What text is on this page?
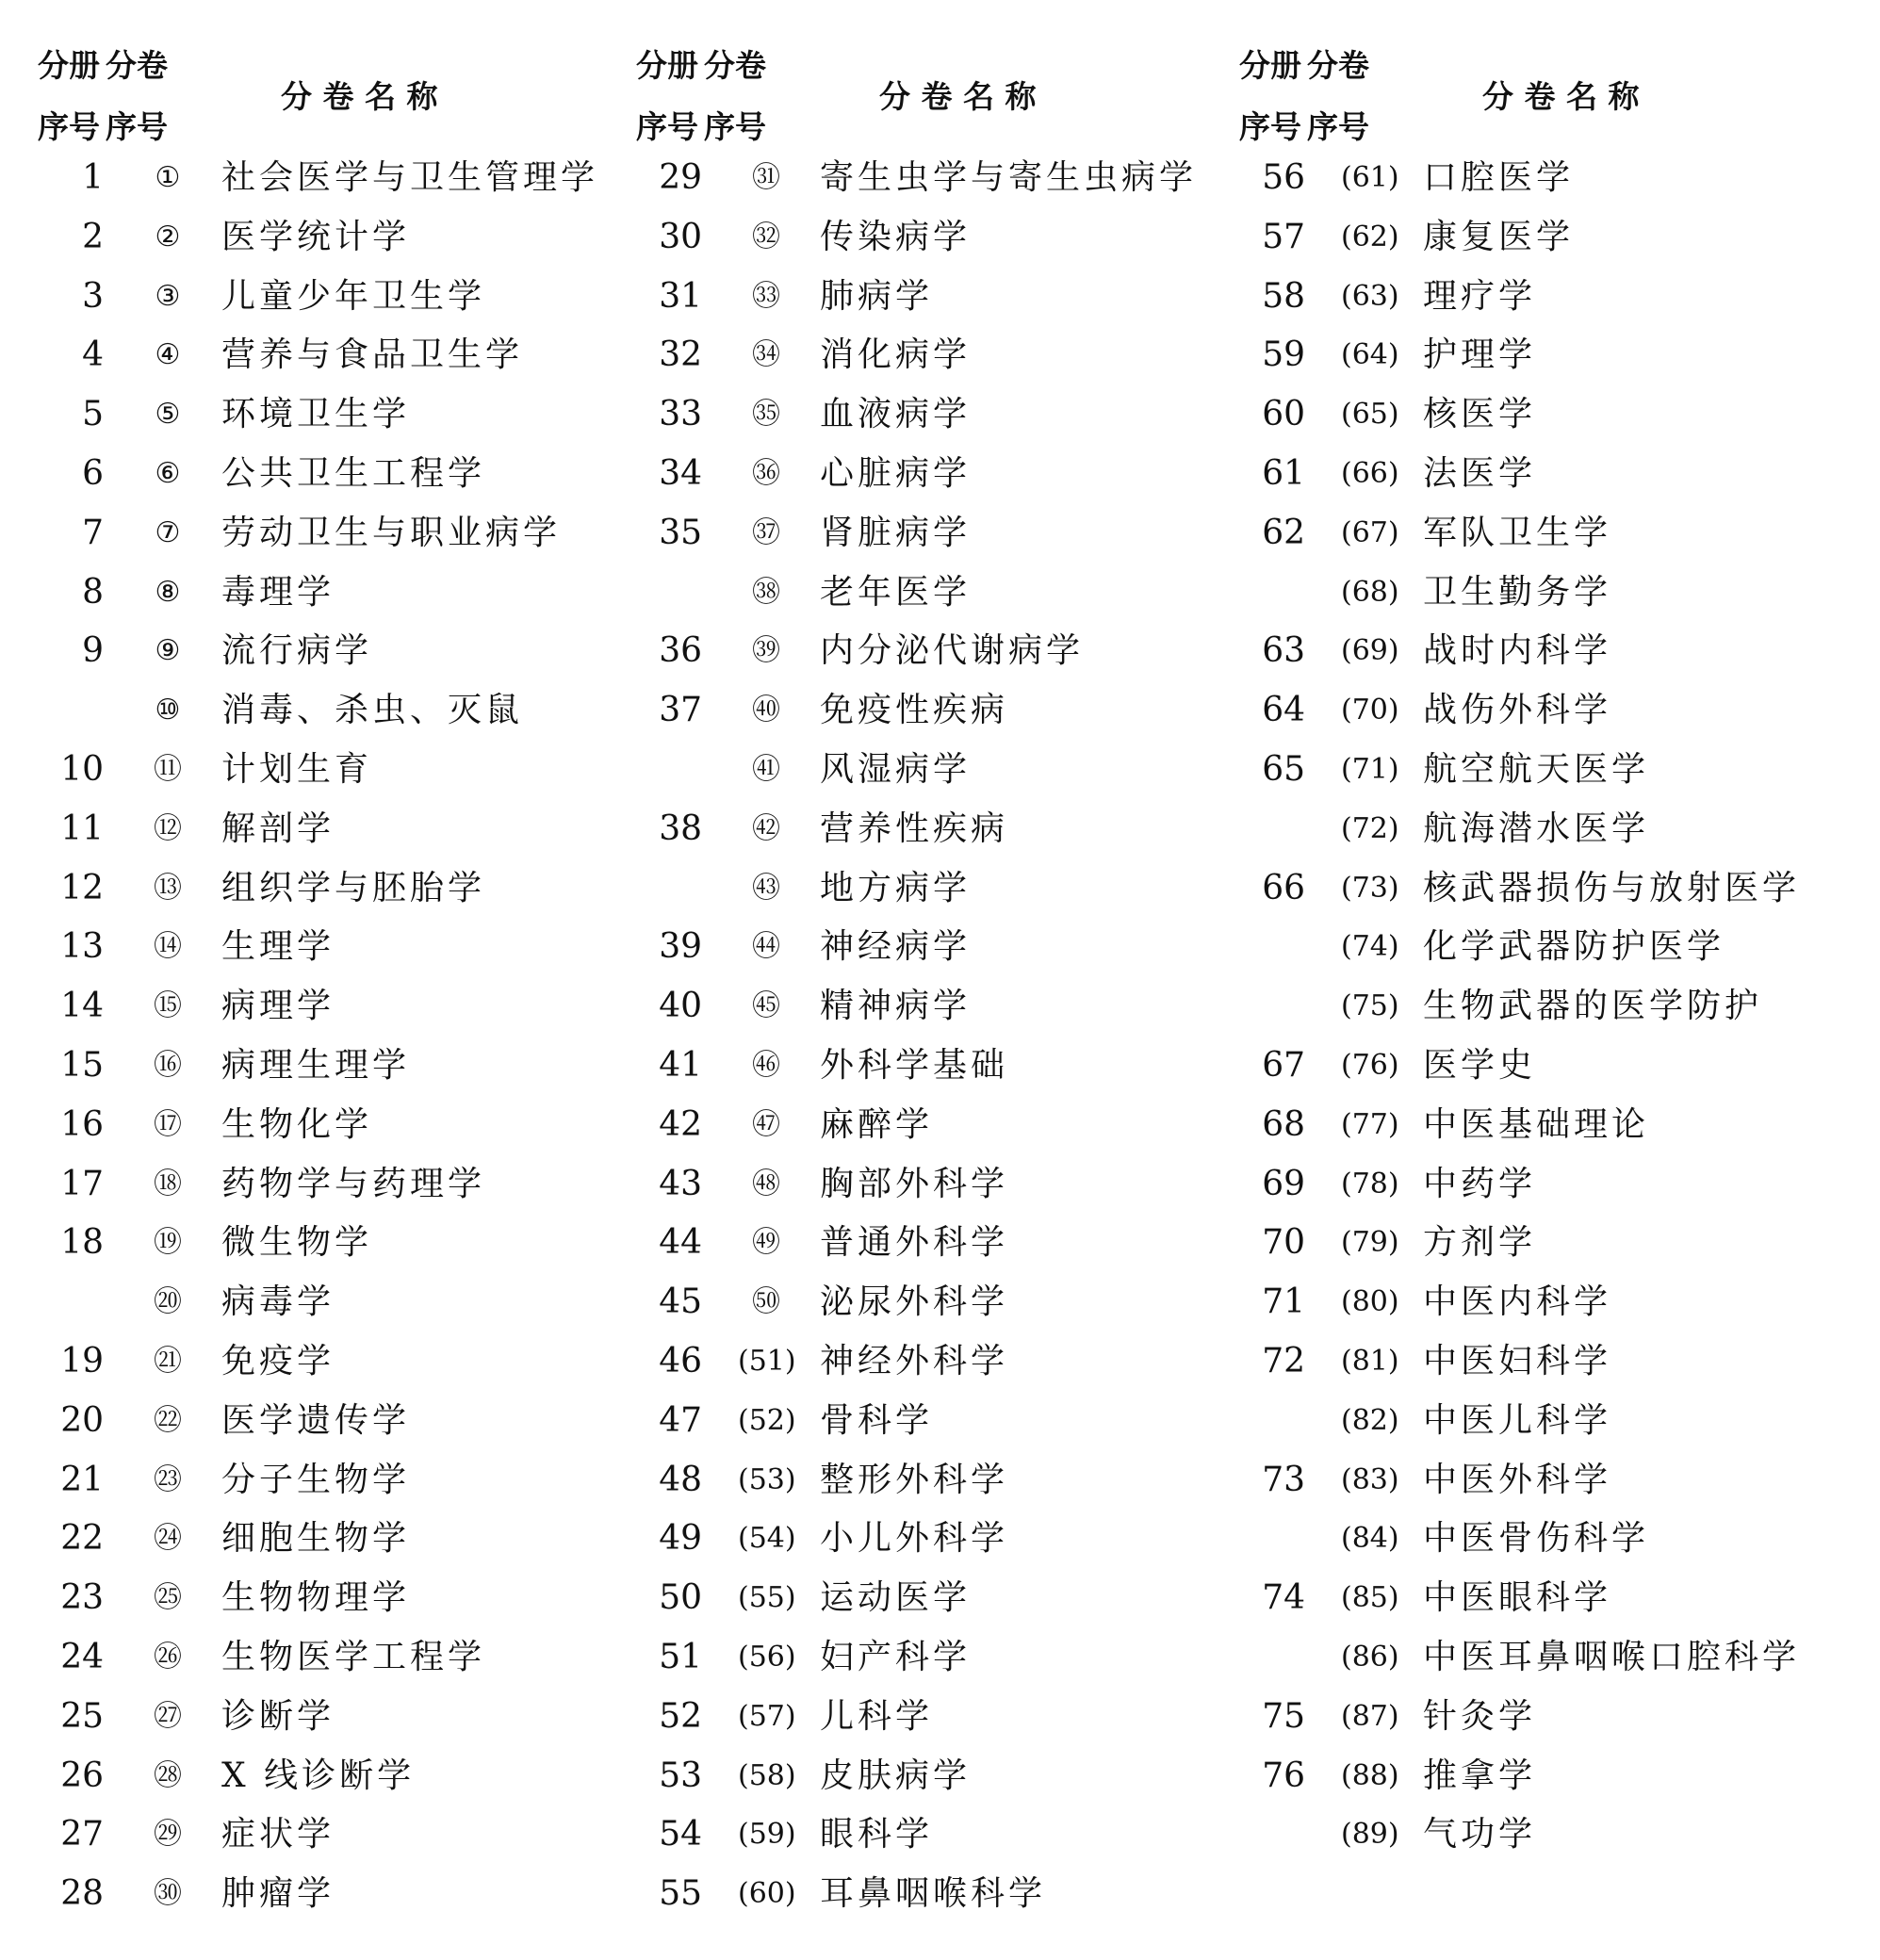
分册
序号
分卷
序号
分 卷 名 称
1	①	社会医学与卫生管理学
2	②	医学统计学
3	③	儿童少年卫生学
4	④	营养与食品卫生学
5	⑤	环境卫生学
6	⑥	公共卫生工程学
7	⑦	劳动卫生与职业病学
8	⑧	毒理学
9	⑨	流行病学
⑩	消毒、杀虫、灭鼠
10	⑪	计划生育
11	⑫	解剖学
12	⑬	组织学与胚胎学
13	⑭	生理学
14	⑮	病理学
15	⑯	病理生理学
16	⑰	生物化学
17	⑱	药物学与药理学
18	⑲	微生物学
⑳	病毒学
19	㉑	免疫学
20	㉒	医学遗传学
21	㉓	分子生物学
22	㉔	细胞生物学
23	㉕	生物物理学
24	㉖	生物医学工程学
25	㉗	诊断学
26	㉘	X 线诊断学
27	㉙	症状学
28	㉚	肿瘤学
分册
序号
分卷
序号
分 卷 名 称
29	㉛	寄生虫学与寄生虫病学
30	㉜	传染病学
31	㉝	肺病学
32	㉞	消化病学
33	㉟	血液病学
34	㊱	心脏病学
35	㊲	肾脏病学
㊳	老年医学
36	㊴	内分泌代谢病学
37	㊵	免疫性疾病
㊶	风湿病学
38	㊷	营养性疾病
㊸	地方病学
39	㊹	神经病学
40	㊺	精神病学
41	㊻	外科学基础
42	㊼	麻醉学
43	㊽	胸部外科学
44	㊾	普通外科学
45	㊿	泌尿外科学
46 (51) 神经外科学
47 (52) 骨科学
48 (53) 整形外科学
49 (54) 小儿外科学
50 (55) 运动医学
51 (56) 妇产科学
52 (57) 儿科学
53 (58) 皮肤病学
54 (59) 眼科学
55 (60) 耳鼻咽喉科学
分册
序号
分卷
序号
分 卷 名 称
56 (61) 口腔医学
57 (62) 康复医学
58 (63) 理疗学
59 (64) 护理学
60 (65) 核医学
61 (66) 法医学
62 (67) 军队卫生学
(68) 卫生勤务学
63 (69) 战时内科学
64 (70) 战伤外科学
65 (71) 航空航天医学
(72) 航海潜水医学
66 (73) 核武器损伤与放射医学
(74) 化学武器防护医学
(75) 生物武器的医学防护
67 (76) 医学史
68 (77) 中医基础理论
69 (78) 中药学
70 (79) 方剂学
71 (80) 中医内科学
72 (81) 中医妇科学
(82) 中医儿科学
73 (83) 中医外科学
(84) 中医骨伤科学
74 (85) 中医眼科学
(86) 中医耳鼻咽喉口腔科学
75 (87) 针灸学
76 (88) 推拿学
(89) 气功学
